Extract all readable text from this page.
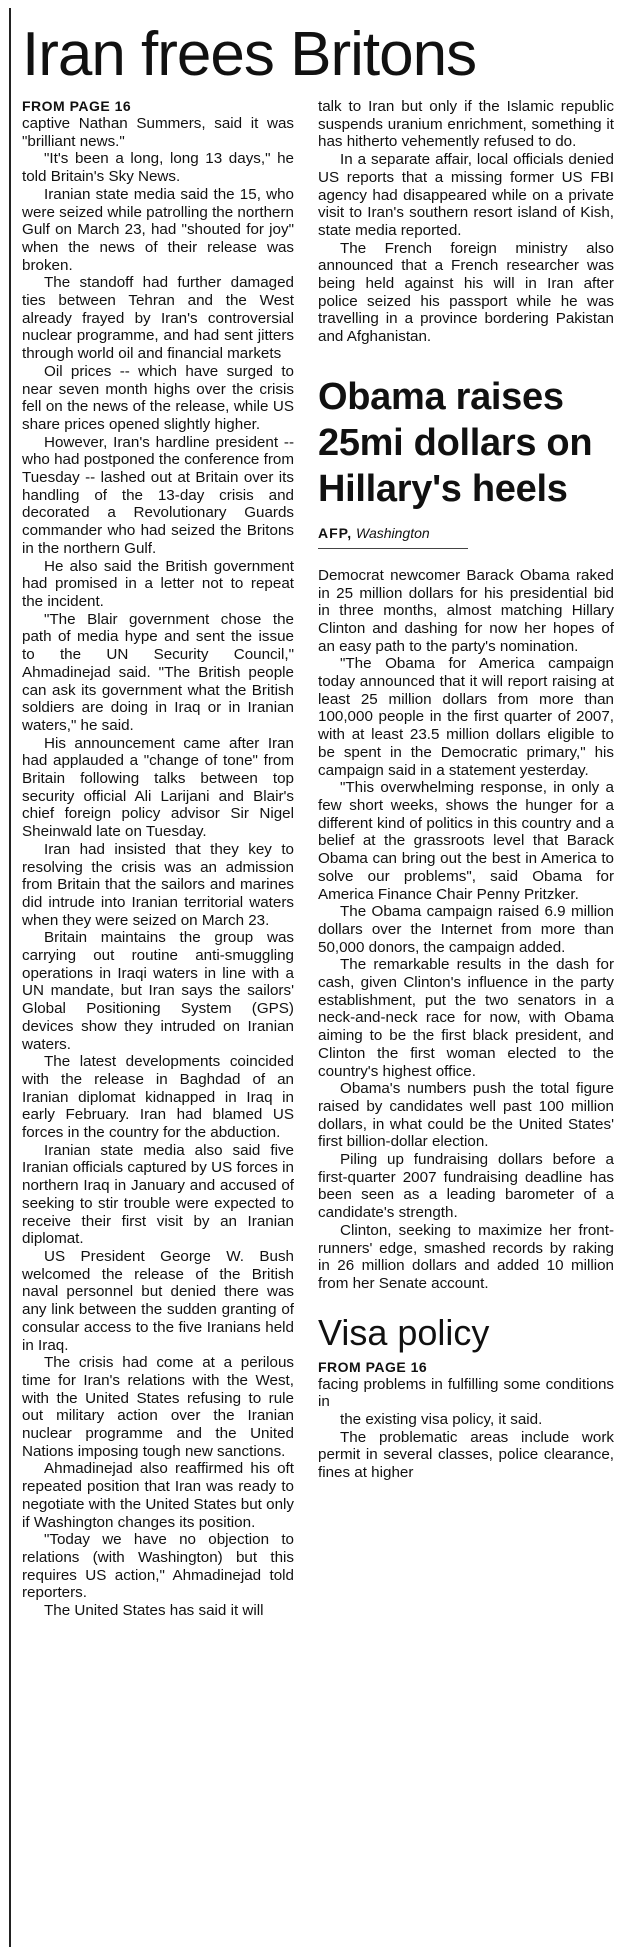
Iran frees Britons
FROM PAGE 16

captive Nathan Summers, said it was "brilliant news."

"It's been a long, long 13 days," he told Britain's Sky News.

Iranian state media said the 15, who were seized while patrolling the northern Gulf on March 23, had "shouted for joy" when the news of their release was broken.

The standoff had further damaged ties between Tehran and the West already frayed by Iran's controversial nuclear programme, and had sent jitters through world oil and financial markets

Oil prices -- which have surged to near seven month highs over the crisis fell on the news of the release, while US share prices opened slightly higher.

However, Iran's hardline president -- who had postponed the conference from Tuesday -- lashed out at Britain over its handling of the 13-day crisis and decorated a Revolutionary Guards commander who had seized the Britons in the northern Gulf.

He also said the British government had promised in a letter not to repeat the incident.

"The Blair government chose the path of media hype and sent the issue to the UN Security Council," Ahmadinejad said. "The British people can ask its government what the British soldiers are doing in Iraq or in Iranian waters," he said.

His announcement came after Iran had applauded a "change of tone" from Britain following talks between top security official Ali Larijani and Blair's chief foreign policy advisor Sir Nigel Sheinwald late on Tuesday.

Iran had insisted that they key to resolving the crisis was an admission from Britain that the sailors and marines did intrude into Iranian territorial waters when they were seized on March 23.

Britain maintains the group was carrying out routine anti-smuggling operations in Iraqi waters in line with a UN mandate, but Iran says the sailors' Global Positioning System (GPS) devices show they intruded on Iranian waters.

The latest developments coincided with the release in Baghdad of an Iranian diplomat kidnapped in Iraq in early February. Iran had blamed US forces in the country for the abduction.

Iranian state media also said five Iranian officials captured by US forces in northern Iraq in January and accused of seeking to stir trouble were expected to receive their first visit by an Iranian diplomat.

US President George W. Bush welcomed the release of the British naval personnel but denied there was any link between the sudden granting of consular access to the five Iranians held in Iraq.

The crisis had come at a perilous time for Iran's relations with the West, with the United States refusing to rule out military action over the Iranian nuclear programme and the United Nations imposing tough new sanctions.

Ahmadinejad also reaffirmed his oft repeated position that Iran was ready to negotiate with the United States but only if Washington changes its position.

"Today we have no objection to relations (with Washington) but this requires US action," Ahmadinejad told reporters.

The United States has said it will

talk to Iran but only if the Islamic republic suspends uranium enrichment, something it has hitherto vehemently refused to do.

In a separate affair, local officials denied US reports that a missing former US FBI agency had disappeared while on a private visit to Iran's southern resort island of Kish, state media reported.

The French foreign ministry also announced that a French researcher was being held against his will in Iran after police seized his passport while he was travelling in a province bordering Pakistan and Afghanistan.

Obama raises 25mi dollars on Hillary's heels
AFP, Washington

Democrat newcomer Barack Obama raked in 25 million dollars for his presidential bid in three months, almost matching Hillary Clinton and dashing for now her hopes of an easy path to the party's nomination.

"The Obama for America campaign today announced that it will report raising at least 25 million dollars from more than 100,000 people in the first quarter of 2007, with at least 23.5 million dollars eligible to be spent in the Democratic primary," his campaign said in a statement yesterday.

"This overwhelming response, in only a few short weeks, shows the hunger for a different kind of politics in this country and a belief at the grassroots level that Barack Obama can bring out the best in America to solve our problems", said Obama for America Finance Chair Penny Pritzker.

The Obama campaign raised 6.9 million dollars over the Internet from more than 50,000 donors, the campaign added.

The remarkable results in the dash for cash, given Clinton's influence in the party establishment, put the two senators in a neck-and-neck race for now, with Obama aiming to be the first black president, and Clinton the first woman elected to the country's highest office.

Obama's numbers push the total figure raised by candidates well past 100 million dollars, in what could be the United States' first billion-dollar election.

Piling up fundraising dollars before a first-quarter 2007 fundraising deadline has been seen as a leading barometer of a candidate's strength.

Clinton, seeking to maximize her front-runners' edge, smashed records by raking in 26 million dollars and added 10 million from her Senate account.

Visa policy
FROM PAGE 16

facing problems in fulfilling some conditions in

the existing visa policy, it said.

The problematic areas include work permit in several classes, police clearance, fines at higher
